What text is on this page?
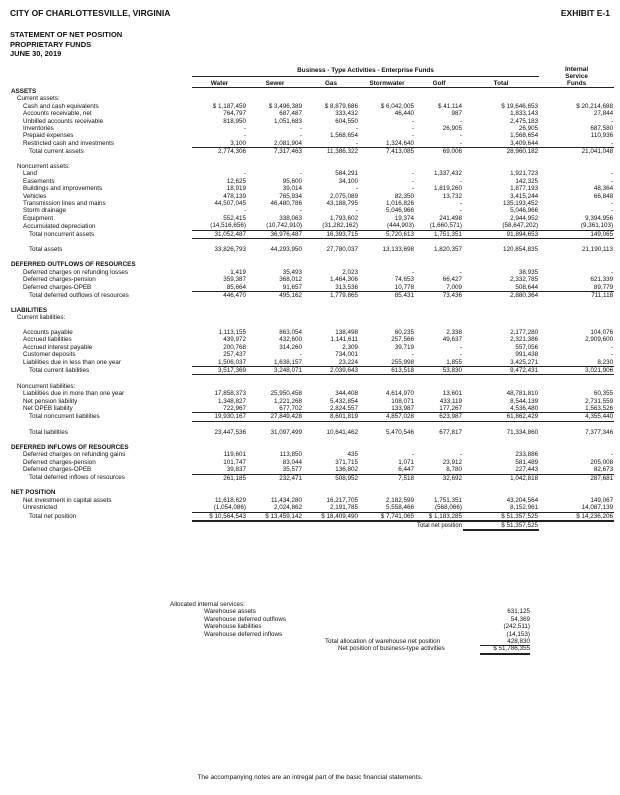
CITY OF CHARLOTTESVILLE, VIRGINIA	EXHIBIT E-1
STATEMENT OF NET POSITION
PROPRIETARY FUNDS
JUNE 30, 2019
	Business - Type Activities - Enterprise Funds						Internal
Service
Funds

	Water	Sewer	Gas	Stormwater	Golf	Total	
ASSETS							
Current assets:							
Cash and cash equivalents	$ 1,187,459	$ 3,496,389	$ 8,879,686	$ 6,042,005	$ 41,114	$ 19,646,653	$ 20,214,688
Accounts receivable, net	764,797	687,487	333,432	46,440	987	1,833,143	27,844
Unbilled accounts receivable	818,950	1,051,683	604,550	-	-	2,475,183	-
Inventories	-	-	-	-	26,905	26,905	687,580
Prepaid expenses	-	-	1,568,654	-	-	1,568,654	110,936
Restricted cash and investments	3,100	2,081,904	-	1,324,640	-	3,409,644	-
Total current assets	2,774,306	7,317,463	11,386,322	7,413,085	69,006	28,960,182	21,041,048

Noncurrent assets:							
Land	-	-	584,291	-	1,337,432	1,921,723	-
Easements	12,625	95,600	34,100	-	-	142,325	-
Buildings and improvements	18,919	39,014	-	-	1,819,260	1,877,193	48,364
Vehicles	478,139	765,934	2,075,089	82,350	13,732	3,415,244	66,848
Transmission lines and mains	44,507,045	46,480,786	43,188,795	1,016,826	-	135,193,452	-
Storm drainage	-	-	-	5,046,966	-	5,046,966	-
Equipment	552,415	338,063	1,793,602	19,374	241,498	2,944,952	9,394,956
Accumulated depreciation	(14,516,656)	(10,742,910)	(31,282,162)	(444,903)	(1,660,571)	(58,647,202)	(9,361,103)
Total noncurrent assets	31,052,487	36,976,487	16,393,715	5,720,613	1,751,351	91,894,653	149,065

Total assets	33,826,793	44,293,950	27,780,037	13,133,698	1,820,357	120,854,835	21,190,113

DEFERRED OUTFLOWS OF RESOURCES							
Deferred charges on refunding losses	1,419	35,493	2,023	-	-	38,935	-
Deferred charges-pension	359,387	368,012	1,464,306	74,653	66,427	2,332,785	621,339
Deferred charges-OPEB	85,664	91,657	313,536	10,778	7,009	508,644	89,779
Total deferred outflows of resources	446,470	495,162	1,779,865	85,431	73,436	2,880,364	711,118

LIABILITIES							
Current liabilities:							

Accounts payable	1,113,155	863,054	138,498	60,235	2,338	2,177,280	104,076
Accrued liabilities	439,972	432,600	1,141,611	257,566	49,637	2,321,386	2,909,600
Accrued interest payable	200,768	314,260	2,309	39,719	-	557,056	-
Customer deposits	257,437	-	734,001	-	-	991,438	-
Liabilities due in less than one year	1,506,037	1,638,157	23,224	255,998	1,855	3,425,271	8,230
Total current liabilities	3,517,369	3,248,071	2,039,643	613,518	53,830	9,472,431	3,021,906

Noncurrent liabilities:							
Liabilities due in more than one year	17,858,373	25,950,458	344,408	4,614,970	13,601	48,781,810	60,355
Net pension liability	1,348,827	1,221,268	5,432,854	108,071	433,119	8,544,139	2,731,559
Net OPEB liability	722,967	677,702	2,824,557	133,987	177,267	4,536,480	1,563,526
Total noncurrent liabilities	19,930,167	27,849,428	8,601,819	4,857,028	623,987	61,862,429	4,355,440

Total liabilities	23,447,536	31,097,499	10,641,462	5,470,546	677,817	71,334,860	7,377,346

DEFERRED INFLOWS OF RESOURCES							
Deferred charges on refunding gains	119,601	113,850	435	-	-	233,886	-
Deferred charges-pension	101,747	83,044	371,715	1,071	23,912	581,489	205,008
Deferred charges-OPEB	39,837	35,577	136,802	6,447	8,780	227,443	82,673
Total deferred inflows of resources	261,185	232,471	508,952	7,518	32,692	1,042,818	287,681

NET POSITION							
Net investment in capital assets	11,618,629	11,434,280	16,217,705	2,182,599	1,751,351	43,204,564	149,067
Unrestricted	(1,054,086)	2,024,862	2,191,785	5,558,466	(568,066)	8,152,961	14,087,139
Total net position	$ 10,564,543	$ 13,459,142	$ 18,409,490	$ 7,741,065	$ 1,183,285	$ 51,357,525	$ 14,236,206
					Total net position	$ 51,357,525	
Allocated internal services:
Warehouse assets	631,125
Warehouse deferred outflows	54,369
Warehouse liabilities	(242,511)
Warehouse deferred inflows	(14,153)
Total allocation of warehouse net position	428,830
Net position of business-type activities	$ 51,786,355
The accompanying notes are an intregal part of the basic financial statements.
